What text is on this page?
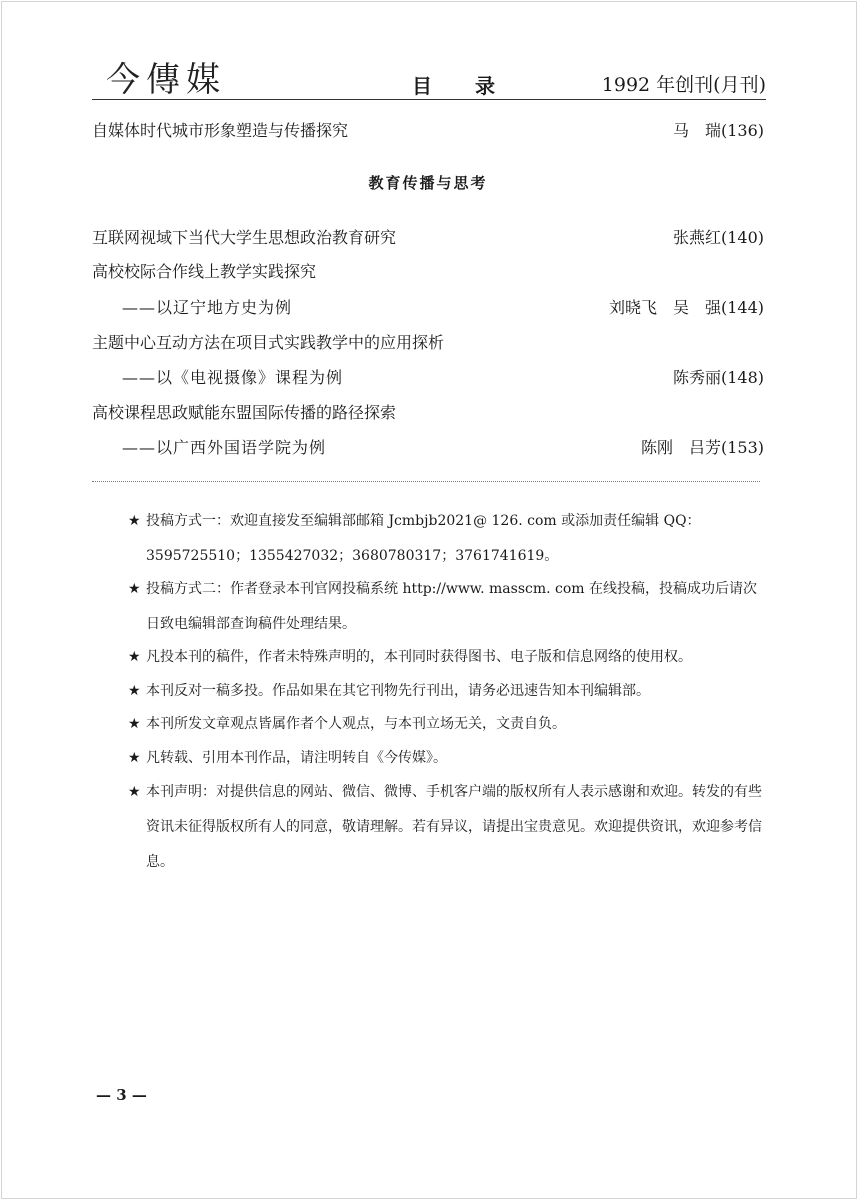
今傳媒	目 录	1992 年创刊(月刊)
自媒体时代城市形象塑造与传播探究	马　瑞(136)
教育传播与思考
互联网视域下当代大学生思想政治教育研究	张燕红(140)
高校校际合作线上教学实践探究
——以辽宁地方史为例	刘晓飞　吴　强(144)
主题中心互动方法在项目式实践教学中的应用探析
——以《电视摄像》课程为例	陈秀丽(148)
高校课程思政赋能东盟国际传播的路径探索
——以广西外国语学院为例	陈刚　吕芳(153)
★ 投稿方式一：欢迎直接发至编辑部邮箱 Jcmbjb2021@ 126. com 或添加责任编辑 QQ：3595725510；1355427032；3680780317；3761741619。
★ 投稿方式二：作者登录本刊官网投稿系统 http://www. masscm. com 在线投稿，投稿成功后请次日致电编辑部查询稿件处理结果。
★ 凡投本刊的稿件，作者未特殊声明的，本刊同时获得图书、电子版和信息网络的使用权。
★ 本刊反对一稿多投。作品如果在其它刊物先行刊出，请务必迅速告知本刊编辑部。
★ 本刊所发文章观点皆属作者个人观点，与本刊立场无关，文责自负。
★ 凡转载、引用本刊作品，请注明转自《今传媒》。
★ 本刊声明：对提供信息的网站、微信、微博、手机客户端的版权所有人表示感谢和欢迎。转发的有些资讯未征得版权所有人的同意，敬请理解。若有异议，请提出宝贵意见。欢迎提供资讯，欢迎参考信息。
— 3 —
